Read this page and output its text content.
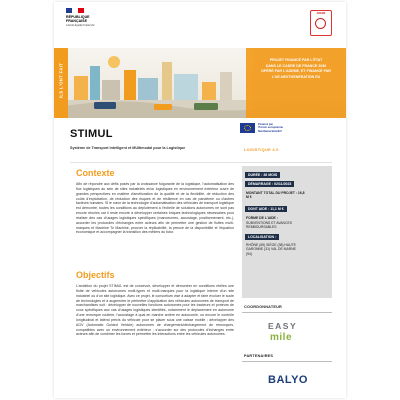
RÉPUBLIQUE
FRANÇAISE
Liberté Égalité Fraternité
ADEME
ILS L'ONT FAIT
PROJET FINANCÉ PAR L'ÉTAT
DANS LE CADRE DE FRANCE 2030
OPÉRÉ PAR L'ADEME, ET FINANCÉ PAR
L'UE-NEXTGENERATION EU
STIMUL
Système de Transport Intelligent et MUltimodal pour la Logistique
Financé par
l'Union européenne
NextGenerationEU
LOGISTIQUE 4.0
Contexte
Afin de répondre aux défis posés par la croissance fulgurante de la logistique, l'automatisation des flux logistiques au sein de sites industriels et/ou logistiques en environnement extérieur ouvre de grandes perspectives en matière d'amélioration de la qualité et de la flexibilité, de réduction des coûts d'exploitation, de réduction des risques et de résilience en cas de pandémie ou d'autres facteurs humains. Si le cœur de la technologie d'automatisation des véhicules de transport logistique est démontré, toutes les conditions au déploiement à l'échelle de solutions autonomes ne sont pas encore réunies car il reste encore à développer certaines briques technologiques nécessaires pour réaliser des cas d'usages logistiques spécifiques (manoeuvres, accostage, positionnement, etc.), accorder les protocoles d'échanges entre acteurs afin de permettre une gestion de flottes multi-marques et Machine To Machine, prouver la réplicabilité, la preuve de la disponibilité et l'équation économique et accompagner la transition des métiers du futur.
Objectifs
L'ambition du projet STIMUL est de concevoir, développer et démontrer en conditions réelles une flotte de véhicules autonomes multi-types et multi-marques pour la logistique interne d'un site industriel ou d'un site logistique. Avec ce projet, le consortium vise à adapter et faire évoluer le socle de technologies et à augmenter le périmètre d'application des véhicules autonomes de transport de marchandises soit : développer de nouvelles fonctions autonomes pour les tracteurs et porteurs de coux spécifiques aux cas d'usages logistiques identifiés, notamment le déplacement en autonome d'une remorque routière, l'accostage à quai en marche arrière en autonomie, ou encore le contrôle longitudinal et latéral précis du véhicule pour se placer sous une caisse mobile ; développer des AGV (Automatic Guided Vehicle) autonomes de chargement/déchargement de remorques, compatibles avec un environnement extérieur ; s'accorder sur des protocoles d'échanges entre acteurs afin de combiner les forces et permettre les interactions entre les véhicules autonomes.
DURÉE : 36 MOIS
DÉMARRAGE : 02/11/2023
MONTANT TOTAL DU PROJET : 16,8 M €
DONT AIDE : 11,1 M €
FORME DE L'AIDE :
SUBVENTIONS ET AVANCES REMBOURSABLES
LOCALISATION :
RHÔNE (69) SIÈGE (38) HAUTE GARONNE (31) VAL DE MARNE (94)
COORDONNATEUR
EASY
mile
PARTENAIRES
BALYO
